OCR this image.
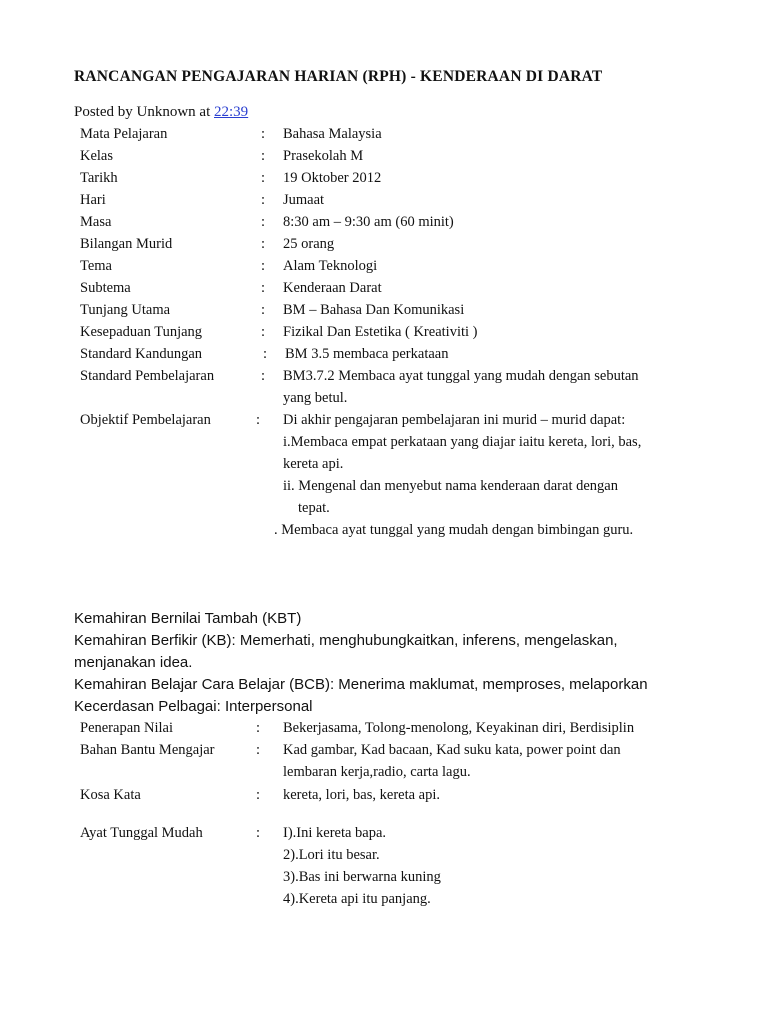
RANCANGAN PENGAJARAN HARIAN (RPH) - KENDERAAN DI DARAT
Posted by Unknown at 22:39
Mata Pelajaran	: Bahasa Malaysia
Kelas	: Prasekolah M
Tarikh	: 19 Oktober 2012
Hari	: Jumaat
Masa	: 8:30 am – 9:30 am (60 minit)
Bilangan Murid	: 25 orang
Tema	: Alam Teknologi
Subtema	: Kenderaan Darat
Tunjang Utama	: BM – Bahasa Dan Komunikasi
Kesepaduan Tunjang	: Fizikal Dan Estetika ( Kreativiti )
Standard Kandungan	: BM 3.5 membaca perkataan
Standard Pembelajaran	: BM3.7.2 Membaca ayat tunggal yang mudah dengan sebutan
yang betul.
Objektif Pembelajaran	: Di akhir pengajaran pembelajaran ini murid – murid dapat:
i.Membaca empat perkataan yang diajar iaitu kereta, lori, bas,
kereta api.
ii. Mengenal dan menyebut nama kenderaan darat dengan
tepat.
. Membaca ayat tunggal yang mudah dengan bimbingan guru.
Kemahiran Bernilai Tambah (KBT)
Kemahiran Berfikir (KB): Memerhati, menghubungkaitkan, inferens, mengelaskan,
menjanakan idea.
Kemahiran Belajar Cara Belajar (BCB): Menerima maklumat, memproses, melaporkan
Kecerdasan Pelbagai: Interpersonal
Penerapan Nilai	: Bekerjasama, Tolong-menolong, Keyakinan diri, Berdisiplin
Bahan Bantu Mengajar	: Kad gambar, Kad bacaan, Kad suku kata, power point dan
lembaran kerja,radio, carta lagu.
Kosa Kata	: kereta, lori, bas, kereta api.
Ayat Tunggal Mudah	: I).Ini kereta bapa.
2).Lori itu besar.
3).Bas ini berwarna kuning
4).Kereta api itu panjang.
